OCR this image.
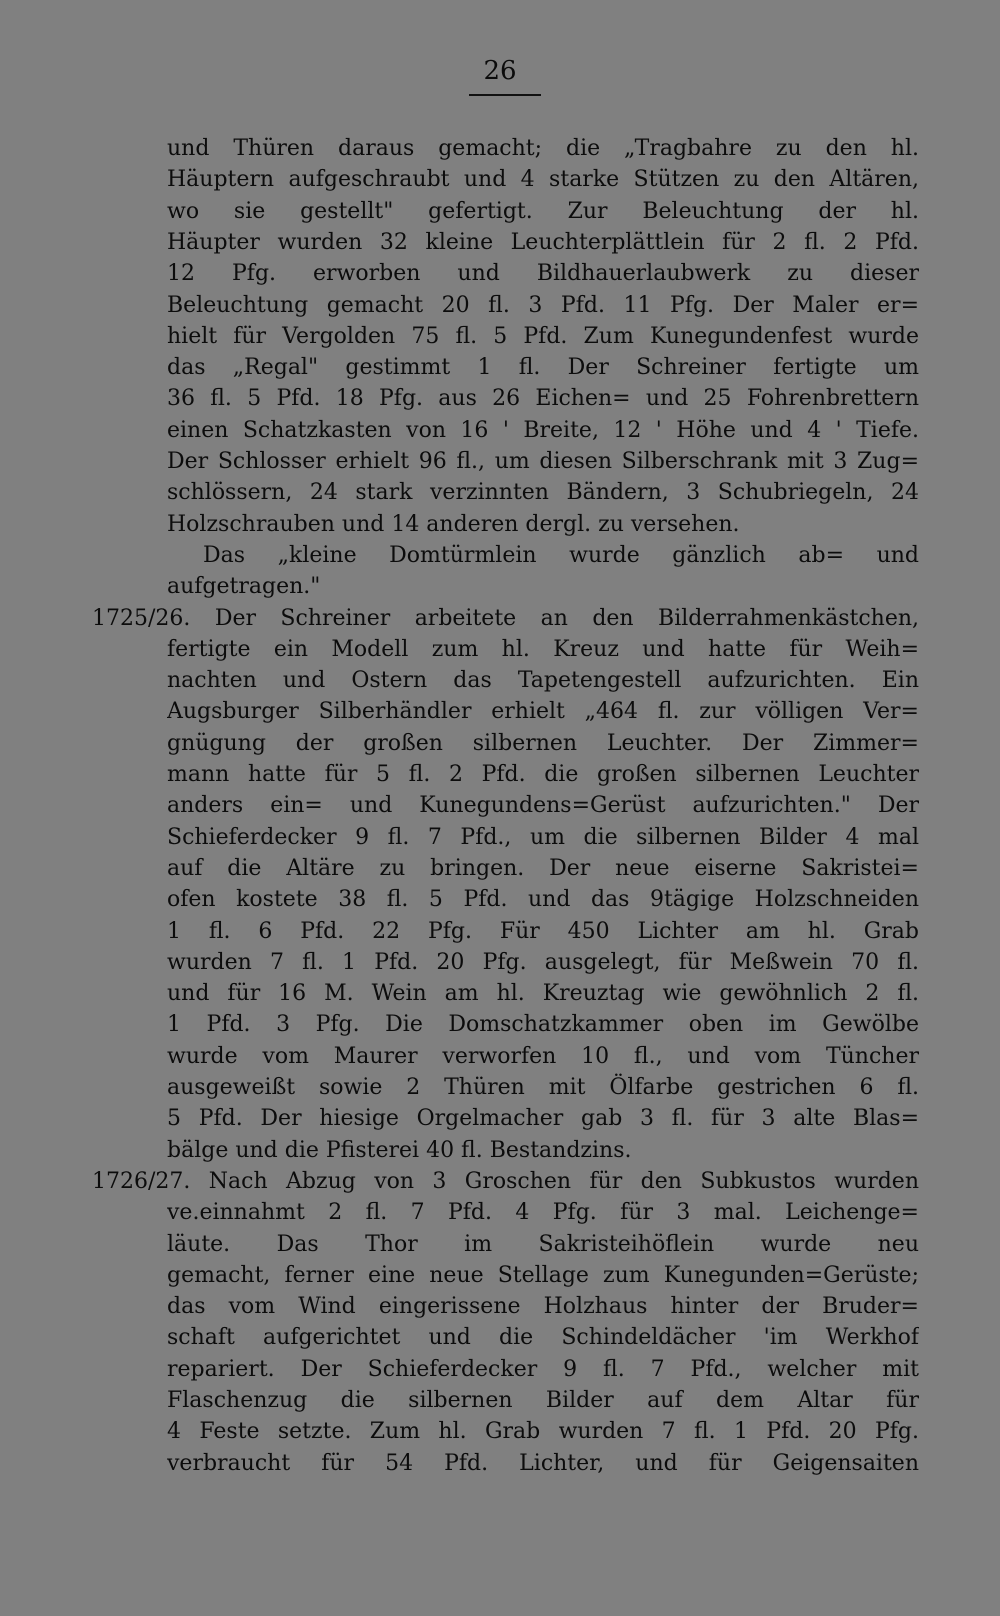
26
und Thüren daraus gemacht; die „Tragbahre zu den hl.
Häuptern aufgeschraubt und 4 starke Stützen zu den Altären,
wo sie gestellt" gefertigt. Zur Beleuchtung der hl.
Häupter wurden 32 kleine Leuchterplättlein für 2 fl. 2 Pfd.
12 Pfg. erworben und Bildhauerlaubwerk zu dieser
Beleuchtung gemacht 20 fl. 3 Pfd. 11 Pfg. Der Maler er=
hielt für Vergolden 75 fl. 5 Pfd. Zum Kunegundenfest wurde
das „Regal" gestimmt 1 fl. Der Schreiner fertigte um
36 fl. 5 Pfd. 18 Pfg. aus 26 Eichen= und 25 Fohrenbrettern
einen Schatzkasten von 16 ' Breite, 12 ' Höhe und 4 ' Tiefe.
Der Schlosser erhielt 96 fl., um diesen Silberschrank mit 3 Zug=
schlössern, 24 stark verzinnten Bändern, 3 Schubriegeln, 24
Holzschrauben und 14 anderen dergl. zu versehen.
Das „kleine Domtürmlein wurde gänzlich ab= und
aufgetragen."
1725/26. Der Schreiner arbeitete an den Bilderrahmenkästchen,
fertigte ein Modell zum hl. Kreuz und hatte für Weih=
nachten und Ostern das Tapetengestell aufzurichten. Ein
Augsburger Silberhändler erhielt „464 fl. zur völligen Ver=
gnügung der großen silbernen Leuchter. Der Zimmer=
mann hatte für 5 fl. 2 Pfd. die großen silbernen Leuchter
anders ein= und Kunegundens=Gerüst aufzurichten." Der
Schieferdecker 9 fl. 7 Pfd., um die silbernen Bilder 4 mal
auf die Altäre zu bringen. Der neue eiserne Sakristei=
ofen kostete 38 fl. 5 Pfd. und das 9tägige Holzschneiden
1 fl. 6 Pfd. 22 Pfg. Für 450 Lichter am hl. Grab
wurden 7 fl. 1 Pfd. 20 Pfg. ausgelegt, für Meßwein 70 fl.
und für 16 M. Wein am hl. Kreuztag wie gewöhnlich 2 fl.
1 Pfd. 3 Pfg. Die Domschatzkammer oben im Gewölbe
wurde vom Maurer verworfen 10 fl., und vom Tüncher
ausgeweißt sowie 2 Thüren mit Ölfarbe gestrichen 6 fl.
5 Pfd. Der hiesige Orgelmacher gab 3 fl. für 3 alte Blas=
bälge und die Pfisterei 40 fl. Bestandzins.
1726/27. Nach Abzug von 3 Groschen für den Subkustos wurden
ve.einnahmt 2 fl. 7 Pfd. 4 Pfg. für 3 mal. Leichenge=
läute. Das Thor im Sakristeihöflein wurde neu
gemacht, ferner eine neue Stellage zum Kunegunden=Gerüste;
das vom Wind eingerissene Holzhaus hinter der Bruder=
schaft aufgerichtet und die Schindeldächer 'im Werkhof
repariert. Der Schieferdecker 9 fl. 7 Pfd., welcher mit
Flaschenzug die silbernen Bilder auf dem Altar für
4 Feste setzte. Zum hl. Grab wurden 7 fl. 1 Pfd. 20 Pfg.
verbraucht für 54 Pfd. Lichter, und für Geigensaiten
